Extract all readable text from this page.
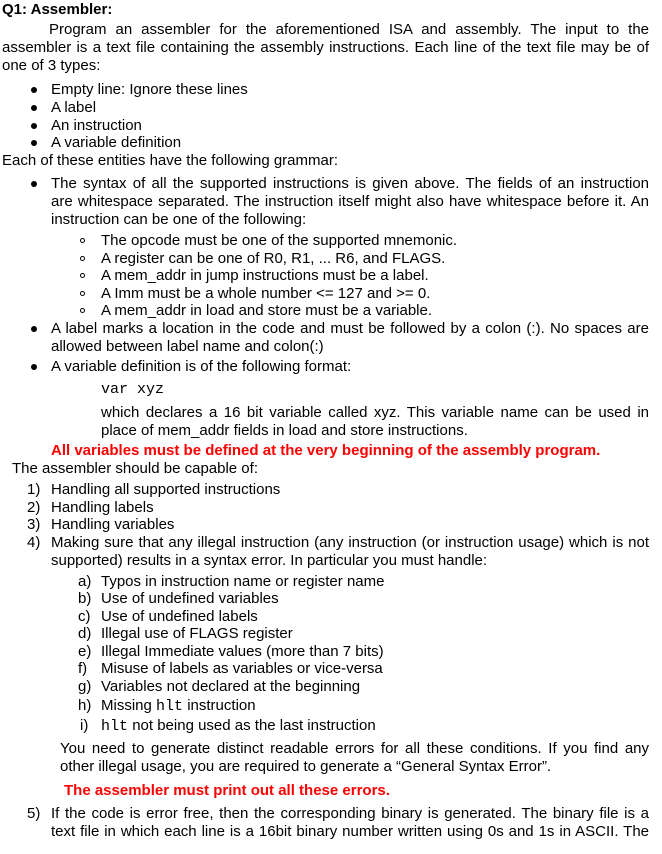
Q1: Assembler:
Program an assembler for the aforementioned ISA and assembly. The input to the
assembler is a text file containing the assembly instructions. Each line of the text file may be of
one of 3 types:
Empty line: Ignore these lines
A label
An instruction
A variable definition
Each of these entities have the following grammar:
The syntax of all the supported instructions is given above. The fields of an instruction
are whitespace separated. The instruction itself might also have whitespace before it. An
instruction can be one of the following:
The opcode must be one of the supported mnemonic.
A register can be one of R0, R1, ... R6, and FLAGS.
A mem_addr in jump instructions must be a label.
A Imm must be a whole number <= 127 and >= 0.
A mem_addr in load and store must be a variable.
A label marks a location in the code and must be followed by a colon (:). No spaces are
allowed between label name and colon(:)
A variable definition is of the following format:
var xyz
which declares a 16 bit variable called xyz. This variable name can be used in
place of mem_addr fields in load and store instructions.
All variables must be defined at the very beginning of the assembly program.
The assembler should be capable of:
1) Handling all supported instructions
2) Handling labels
3) Handling variables
4) Making sure that any illegal instruction (any instruction (or instruction usage) which is not
supported) results in a syntax error. In particular you must handle:
a) Typos in instruction name or register name
b) Use of undefined variables
c) Use of undefined labels
d) Illegal use of FLAGS register
e) Illegal Immediate values (more than 7 bits)
f) Misuse of labels as variables or vice-versa
g) Variables not declared at the beginning
h) Missing hlt instruction
i) hlt not being used as the last instruction
You need to generate distinct readable errors for all these conditions. If you find any
other illegal usage, you are required to generate a “General Syntax Error”.
The assembler must print out all these errors.
5) If the code is error free, then the corresponding binary is generated. The binary file is a
text file in which each line is a 16bit binary number written using 0s and 1s in ASCII. The
